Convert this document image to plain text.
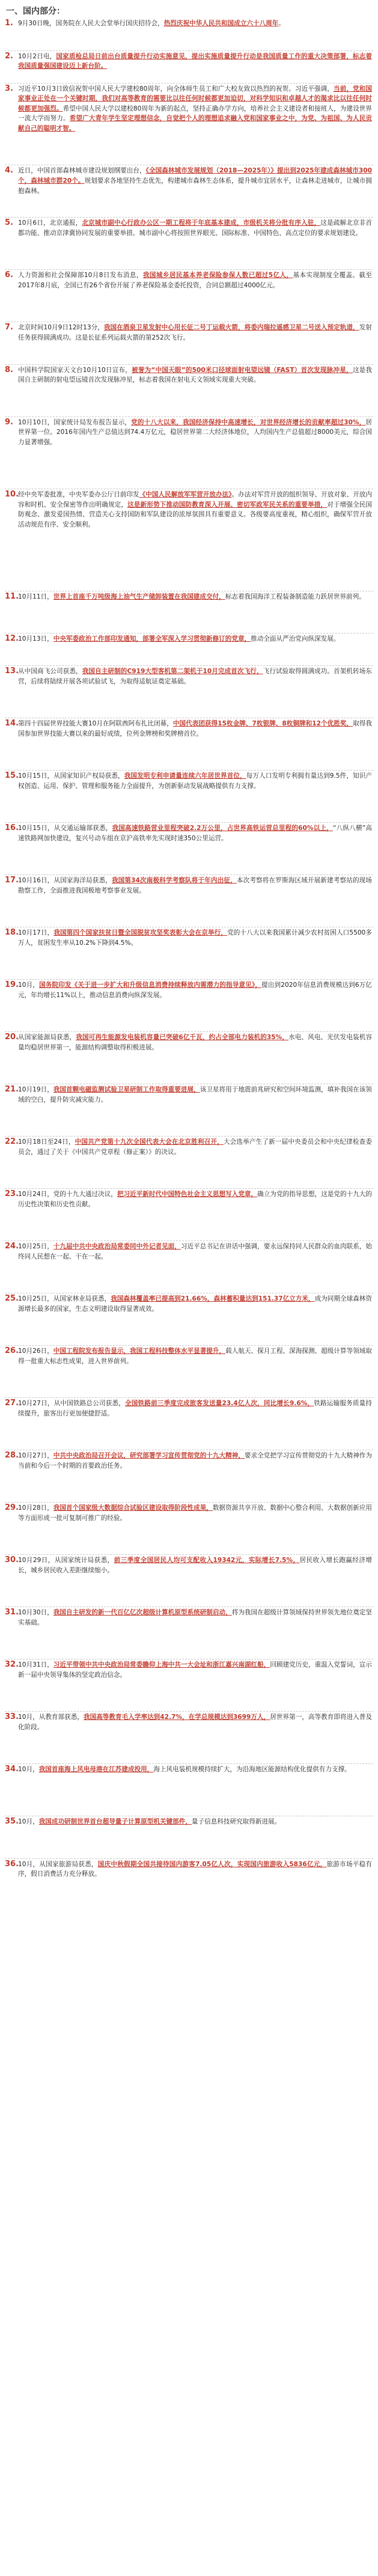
一、国内部分：
1. 9月30日晚，国务院在人民大会堂举行国庆招待会，热烈庆祝中华人民共和国成立六十八周年。
2. 10月2日电，国家质检总局日前出台质量提升行动实施意见，提出实施质量提升行动是我国质量工作的重大决策部署，标志着我国质量强国建设迈上新台阶。
3. 习近平10月3日致信祝贺中国人民大学建校80周年，向全体师生员工和广大校友致以热烈的祝贺。习近平强调，当前，党和国家事业正处在一个关键时期，我们对高等教育的需要比以往任何时候都更加迫切，对科学知识和卓越人才的渴求比以往任何时候都更加强烈。希望中国人民大学以建校80周年为新的起点，坚持正确办学方向，培养社会主义建设者和接班人，为建设世界一流大学而努力。希望广大青年学生坚定理想信念，自觉把个人的理想追求融入党和国家事业之中，为党、为祖国、为人民贡献自己的聪明才智。
4. 近日，中国首部森林城市建设规划纲要出台，《全国森林城市发展规划（2018—2025年）》提出到2025年建成森林城市300个，森林城市群20个。规划要求各地坚持生态优先，构建城市森林生态体系，提升城市宜居水平，让森林走进城市，让城市拥抱森林。
5. 10月6日，北京通报，北京城市副中心行政办公区一期工程将于年底基本建成，市级机关将分批有序入驻，这是疏解北京非首都功能、推动京津冀协同发展的重要举措。城市副中心将按照世界眼光、国际标准、中国特色、高点定位的要求规划建设。
6. 人力资源和社会保障部10月8日发布消息，我国城乡居民基本养老保险参保人数已超过5亿人，基本实现制度全覆盖。截至2017年8月底，全国已有26个省份开展了养老保险基金委托投资，合同总额超过4000亿元。
7. 北京时间10月9日12时13分，我国在酒泉卫星发射中心用长征二号丁运载火箭，将委内瑞拉遥感卫星二号送入预定轨道，发射任务获得圆满成功。这是长征系列运载火箭的第252次飞行。
8. 中国科学院国家天文台10月10日宣布，被誉为“中国天眼”的500米口径球面射电望远镜（FAST）首次发现脉冲星，这是我国自主研制的射电望远镜首次发现脉冲星，标志着我国在射电天文领域实现重大突破。
9. 10月10日，国家统计局发布报告显示，党的十八大以来，我国经济保持中高速增长，对世界经济增长的贡献率超过30%，居世界第一位。2016年国内生产总值达到74.4万亿元，稳居世界第二大经济体地位，人均国内生产总值超过8000美元，综合国力显著增强。
10.
经中央军委批准，中央军委办公厅日前印发《中国人民解放军军营开放办法》。办法对军营开放的组织领导、开放对象、开放内容和时机、安全保密等作出明确规定，这是新形势下推动国防教育深入开展、密切军政军民关系的重要举措，对于增强全民国防观念、激发爱国热情、营造关心支持国防和军队建设的浓厚氛围具有重要意义。各级要高度重视，精心组织，确保军营开放活动规范有序、安全顺利。
11.
10月11日，世界上首座千万吨级海上油气生产储卸装置在我国建成交付，标志着我国海洋工程装备制造能力跃居世界前列。
12.
10月13日，中央军委政治工作部印发通知，部署全军深入学习贯彻新修订的党章，推动全面从严治党向纵深发展。
13.
从中国商飞公司获悉，我国自主研制的C919大型客机第二架机于10月完成首次飞行，飞行试验取得圆满成功。首架机转场东营，后续将陆续开展各项试验试飞，为取得适航证奠定基础。
14.
第四十四届世界技能大赛10月在阿联酋阿布扎比闭幕，中国代表团获得15枚金牌、7枚银牌、8枚铜牌和12个优胜奖，取得我国参加世界技能大赛以来的最好成绩，位列金牌榜和奖牌榜首位。
15.
10月15日，从国家知识产权局获悉，我国发明专利申请量连续六年居世界首位，每万人口发明专利拥有量达到9.5件，知识产权创造、运用、保护、管理和服务能力全面提升，为创新驱动发展战略提供有力支撑。
16.
10月15日，从交通运输部获悉，我国高速铁路营业里程突破2.2万公里，占世界高铁运营总里程的60%以上，“八纵八横”高速铁路网加快建设，复兴号动车组在京沪高铁率先实现时速350公里运营。
17.
10月16日，从国家海洋局获悉，我国第34次南极科学考察队将于年内出征，本次考察将在罗斯海区域开展新建考察站的现场勘察工作，全面推进我国极地考察事业发展。
18.
10月17日，我国第四个国家扶贫日暨全国脱贫攻坚奖表彰大会在京举行，党的十八大以来我国累计减少农村贫困人口5500多万人，贫困发生率从10.2%下降到4.5%。
19.
10月，国务院印发《关于进一步扩大和升级信息消费持续释放内需潜力的指导意见》，提出到2020年信息消费规模达到6万亿元，年均增长11%以上，推动信息消费向纵深发展。
20.
从国家能源局获悉，我国可再生能源发电装机容量已突破6亿千瓦，约占全部电力装机的35%，水电、风电、光伏发电装机容量均稳居世界第一，能源结构调整取得积极进展。
21.
10月19日，我国首颗电磁监测试验卫星研制工作取得重要进展，该卫星将用于地震前兆研究和空间环境监测，填补我国在该领域的空白，提升防灾减灾能力。
22.
10月18日至24日，中国共产党第十九次全国代表大会在北京胜利召开，大会选举产生了新一届中央委员会和中央纪律检查委员会，通过了关于《中国共产党章程（修正案）》的决议。
23.
10月24日，党的十九大通过决议，把习近平新时代中国特色社会主义思想写入党章，确立为党的指导思想，这是党的十九大的历史性决策和历史性贡献。
24.
10月25日，十九届中共中央政治局常委同中外记者见面，习近平总书记在讲话中强调，要永远保持同人民群众的血肉联系，始终同人民想在一起、干在一起。
25.
10月25日，从国家林业局获悉，我国森林覆盖率已提高到21.66%，森林蓄积量达到151.37亿立方米，成为同期全球森林资源增长最多的国家，生态文明建设取得显著成效。
26.
10月26日，中国工程院发布报告显示，我国工程科技整体水平显著提升，载人航天、探月工程、深海探测、超级计算等领域取得一批重大标志性成果，进入世界前列。
27.
10月27日，从中国铁路总公司获悉，全国铁路前三季度完成旅客发送量23.4亿人次，同比增长9.6%，铁路运输服务质量持续提升，旅客出行更加便捷舒适。
28.
10月27日，中共中央政治局召开会议，研究部署学习宣传贯彻党的十九大精神，要求全党把学习宣传贯彻党的十九大精神作为当前和今后一个时期的首要政治任务。
29.
10月28日，我国首个国家级大数据综合试验区建设取得阶段性成果，数据资源共享开放、数据中心整合利用、大数据创新应用等方面形成一批可复制可推广的经验。
30.
10月29日，从国家统计局获悉，前三季度全国居民人均可支配收入19342元，实际增长7.5%，居民收入增长跑赢经济增长，城乡居民收入差距继续缩小。
31.
10月30日，我国自主研发的新一代百亿亿次超级计算机原型系统研制启动，将为我国在超级计算领域保持世界领先地位奠定坚实基础。
32.
10月31日，习近平带领中共中央政治局常委瞻仰上海中共一大会址和浙江嘉兴南湖红船，回顾建党历史，重温入党誓词，宣示新一届中央领导集体的坚定政治信念。
33.
10月，从教育部获悉，我国高等教育毛入学率达到42.7%，在学总规模达到3699万人，居世界第一，高等教育即将进入普及化阶段。
34.
10月，我国首座海上风电母港在江苏建成投用，海上风电装机规模持续扩大，为沿海地区能源结构优化提供有力支撑。
35.
10月，我国成功研制世界首台超导量子计算原型机关键部件，量子信息科技研究取得新进展。
36.
10月，从国家旅游局获悉，国庆中秋假期全国共接待国内游客7.05亿人次，实现国内旅游收入5836亿元，旅游市场平稳有序，假日消费活力充分释放。
